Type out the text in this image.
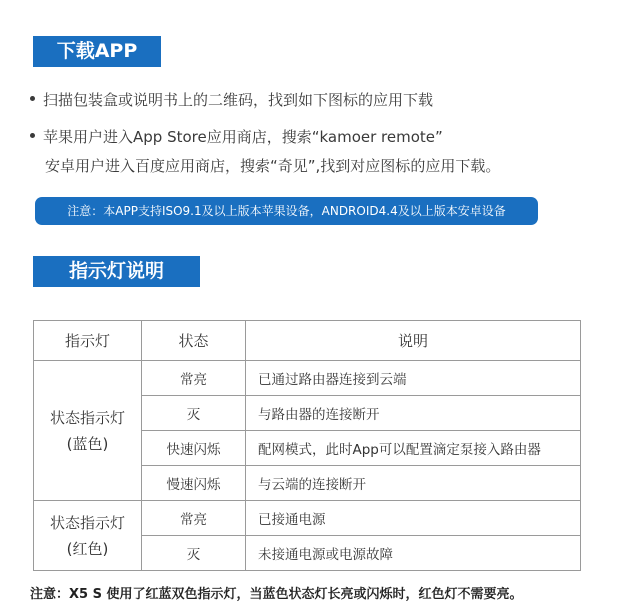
下载APP
扫描包装盒或说明书上的二维码，找到如下图标的应用下载
苹果用户进入App Store应用商店，搜索“kamoer remote”
安卓用户进入百度应用商店，搜索“奇见”,找到对应图标的应用下载。
注意：本APP支持ISO9.1及以上版本苹果设备，ANDROID4.4及以上版本安卓设备
指示灯说明
指示灯	状态	说明

状态指示灯
(蓝色)	常亮	已通过路由器连接到云端
	灭	与路由器的连接断开
	快速闪烁	配网模式，此时App可以配置滴定泵接入路由器
	慢速闪烁	与云端的连接断开

状态指示灯
(红色)	常亮	已接通电源
	灭	未接通电源或电源故障
注意：X5 S 使用了红蓝双色指示灯，当蓝色状态灯长亮或闪烁时，红色灯不需要亮。
